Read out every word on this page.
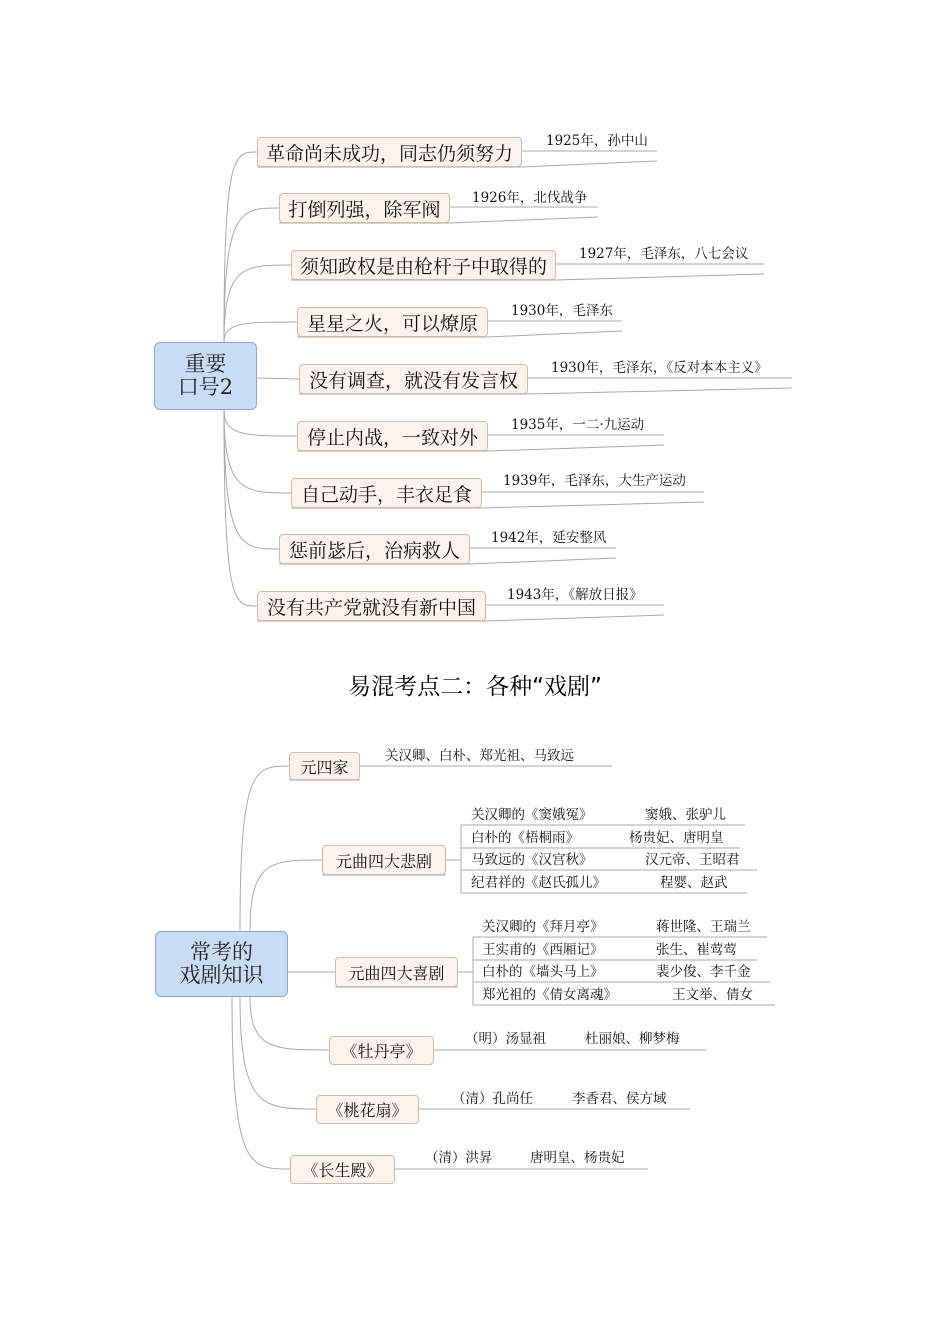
重要
口号2
革命尚未成功，同志仍须努力
1925年，孙中山
打倒列强，除军阀
1926年，北伐战争
须知政权是由枪杆子中取得的
1927年，毛泽东，八七会议
星星之火，可以燎原
1930年，毛泽东
没有调查，就没有发言权
1930年，毛泽东，《反对本本主义》
停止内战，一致对外
1935年，一二·九运动
自己动手，丰衣足食
1939年，毛泽东，大生产运动
惩前毖后，治病救人
1942年，延安整风
没有共产党就没有新中国
1943年，《解放日报》
易混考点二：各种“戏剧”
常考的
戏剧知识
元四家
关汉卿、白朴、郑光祖、马致远
元曲四大悲剧
关汉卿的《窦娥冤》	窦娥、张驴儿
白朴的《梧桐雨》	杨贵妃、唐明皇
马致远的《汉宫秋》	汉元帝、王昭君
纪君祥的《赵氏孤儿》	程婴、赵武
元曲四大喜剧
关汉卿的《拜月亭》	蒋世隆、王瑞兰
王实甫的《西厢记》	张生、崔莺莺
白朴的《墙头马上》	裴少俊、李千金
郑光祖的《倩女离魂》	王文举、倩女
《牡丹亭》
（明）汤显祖	杜丽娘、柳梦梅
《桃花扇》
（清）孔尚任	李香君、侯方域
《长生殿》
（清）洪昇	唐明皇、杨贵妃
